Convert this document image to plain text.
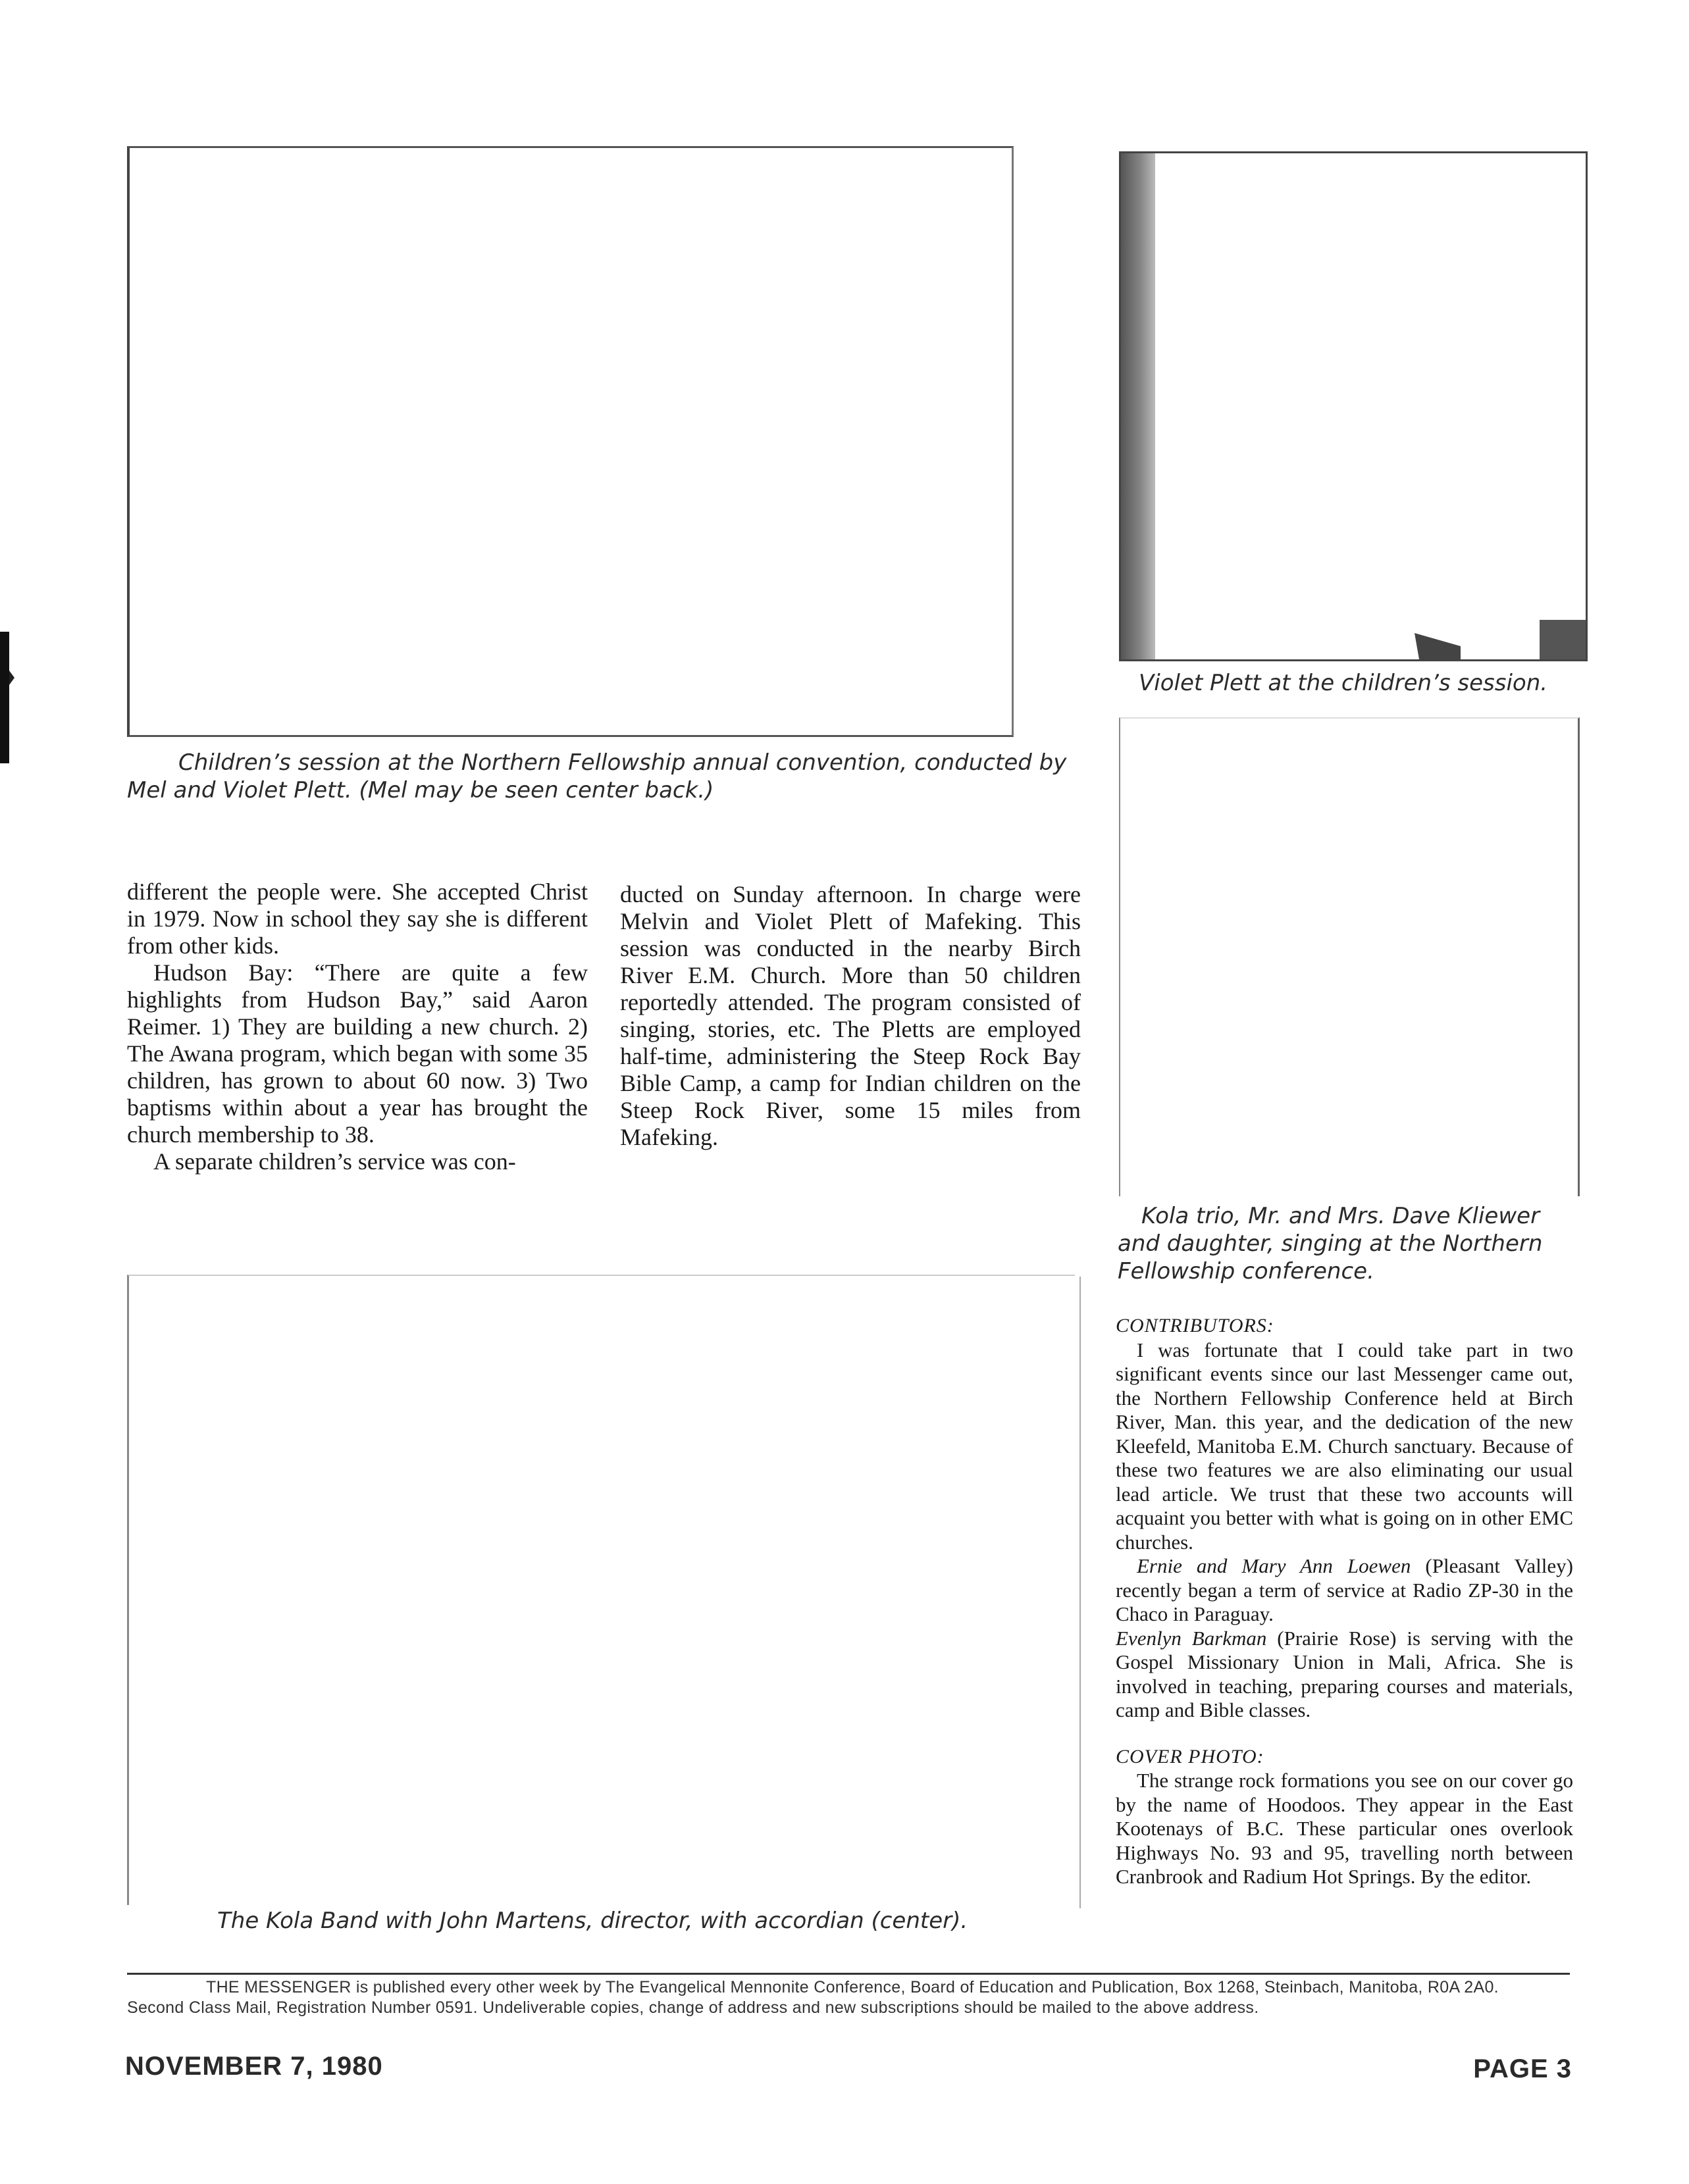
Children’s session at the Northern Fellowship annual convention, conducted by Mel and Violet Plett. (Mel may be seen center back.)
Violet Plett at the children’s session.
Kola trio, Mr. and Mrs. Dave Kliewer and daughter, singing at the Northern Fellowship conference.

different the people were. She accepted Christ in 1979. Now in school they say she is different from other kids.

Hudson Bay: “There are quite a few highlights from Hudson Bay,” said Aaron Reimer. 1) They are building a new church. 2) The Awana program, which began with some 35 children, has grown to about 60 now. 3) Two baptisms within about a year has brought the church membership to 38.

A separate children’s service was con-

ducted on Sunday afternoon. In charge were Melvin and Violet Plett of Mafeking. This session was conducted in the nearby Birch River E.M. Church. More than 50 children reportedly attended. The program consisted of singing, stories, etc. The Pletts are employed half-time, administering the Steep Rock Bay Bible Camp, a camp for Indian children on the Steep Rock River, some 15 miles from Mafeking.

The Kola Band with John Martens, director, with accordian (center).

CONTRIBUTORS:

I was fortunate that I could take part in two significant events since our last Messenger came out, the Northern Fellowship Conference held at Birch River, Man. this year, and the dedication of the new Kleefeld, Manitoba E.M. Church sanctuary. Because of these two features we are also eliminating our usual lead article. We trust that these two accounts will acquaint you better with what is going on in other EMC churches.

Ernie and Mary Ann Loewen (Pleasant Valley) recently began a term of service at Radio ZP-30 in the Chaco in Paraguay.

Evenlyn Barkman (Prairie Rose) is serving with the Gospel Missionary Union in Mali, Africa. She is involved in teaching, preparing courses and materials, camp and Bible classes.

COVER PHOTO:

The strange rock formations you see on our cover go by the name of Hoodoos. They appear in the East Kootenays of B.C. These particular ones overlook Highways No. 93 and 95, travelling north between Cranbrook and Radium Hot Springs. By the editor.

THE MESSENGER is published every other week by The Evangelical Mennonite Conference, Board of Education and Publication, Box 1268, Steinbach, Manitoba, R0A 2A0. Second Class Mail, Registration Number 0591. Undeliverable copies, change of address and new subscriptions should be mailed to the above address.
NOVEMBER 7, 1980	PAGE 3
